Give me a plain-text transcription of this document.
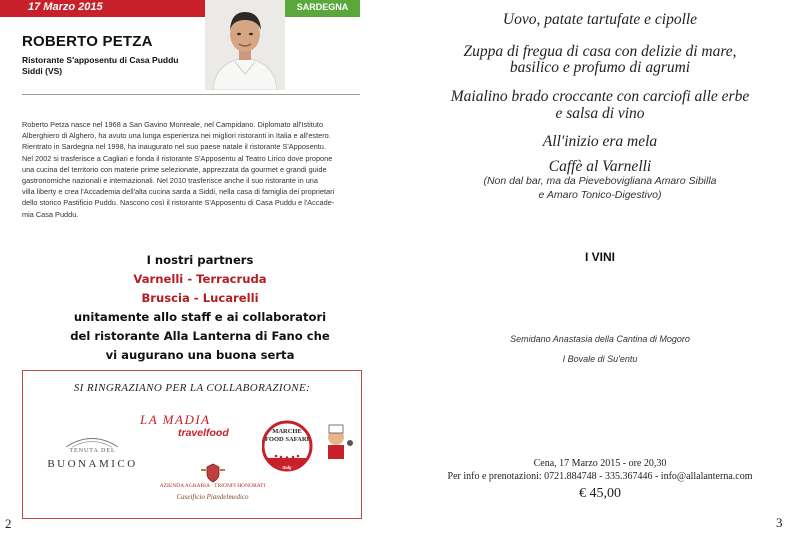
17 Marzo 2015	SARDEGNA
ROBERTO PETZA
Ristorante S'apposentu di Casa Puddu
Siddi (VS)
Roberto Petza nasce nel 1968 a San Gavino Monreale, nel Campidano. Diplomato all'Istituto
Alberghiero di Alghero, ha avuto una lunga esperienza nei migliori ristoranti in Italia e all'estero.
Rientrato in Sardegna nel 1998, ha inaugurato nel suo paese natale il ristorante S'Apposentu.
Nel 2002 si trasferisce a Cagliari e fonda il ristorante S'Apposentu al Teatro Lirico dove propone
una cucina del territorio con materie prime selezionate, apprezzata da gourmet e grandi guide
gastronomiche nazionali e internazionali. Nel 2010 trasferisce anche il suo ristorante in una
villa liberty e crea l'Accademia dell'alta cucina sarda a Siddi, nella casa di famiglia dei proprietari
dello storico Pastificio Puddu. Nascono così il ristorante S'Apposentu di Casa Puddu e l'Accade-
mia Casa Puddu.
I nostri partners
Varnelli - Terracruda
Bruscia - Lucarelli
unitamente allo staff e ai collaboratori
del ristorante Alla Lanterna di Fano che
vi augurano una buona serta
SI RINGRAZIANO PER LA COLLABORAZIONE:
LA MADIA
travelfood
TENUTA DEL
BUONAMICO
AZIENDA AGRARIA · TRIONFI HONORATI
Caseificio Piandelmedico
MARCHE
FOOD SAFARI
Italy
FIVE STARS
2
Uovo, patate tartufate e cipolle
Zuppa di fregua di casa con delizie di mare,
basilico e profumo di agrumi
Maialino brado croccante con carciofi alle erbe
e salsa di vino
All'inizio era mela
Caffè al Varnelli
(Non dal bar, ma da Pievebovigliana Amaro Sibilla
e Amaro Tonico-Digestivo)
I VINI
Semidano Anastasia della Cantina di Mogoro
I Bovale di Su'entu
Cena, 17 Marzo 2015 - ore 20,30
Per info e prenotazioni: 0721.884748 - 335.367446 - info@allalanterna.com
€ 45,00
3
